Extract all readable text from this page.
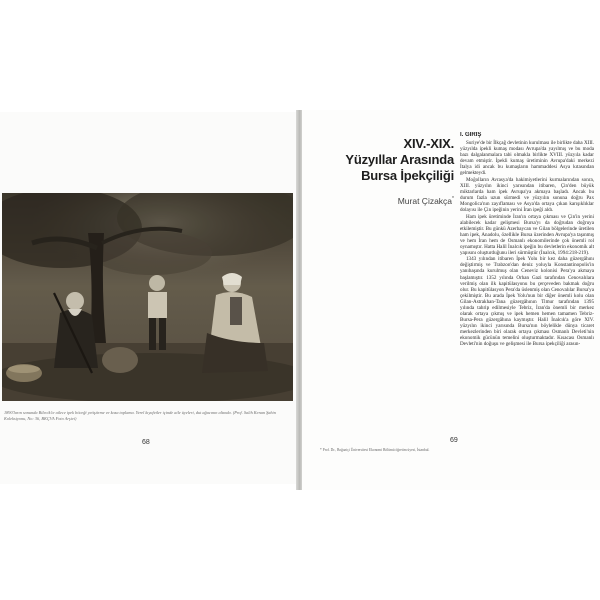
1890'ların sonunda Bilecik'te ailece ipek böceği yetiştirme ve koza toplama. Yerel kıyafetler içinde aile üyeleri, dut ağacının altında. (Prof. Salih Kenan Şahin Koleksiyonu, No: 36, BKÇVA Foto Arşivi)
68
XIV.-XIX.
Yüzyıllar Arasında
Bursa İpekçiliği
Murat Çizakça*
I. GİRİŞ

Suriye'de bir İlkçağ devletinin kurulması ile birlikte daha XIII. yüzyılda ipekli kumaş modası Avrupa'da yayılmış ve bu moda bazı dalgalanmalara tabi olmakla birlikte XVIII. yüzyıla kadar devam etmiştir. İpekli kumaş üretiminin Avrupa'daki merkezi İtalya idi ancak bu kumaşların hammaddesi Asya kıtasından gelmekteydi.

Moğolların Avrasya'da hakimiyetlerini kurmalarından sonra, XIII. yüzyılın ikinci yarısından itibaren, Çin'den büyük miktarlarda ham ipek Avrupa'ya akmaya başladı. Ancak bu durum fazla uzun sürmedi ve yüzyılın sonuna doğru Pax Mongolica'nın zayıflaması ve Asya'da ortaya çıkan karışıklıklar dolayısı ile Çin ipeğinin yerini İran ipeği aldı.

Ham ipek üretiminde İran'ın ortaya çıkması ve Çin'in yerini alabilecek kadar gelişmesi Bursa'yı da doğrudan doğruya etkilemiştir. Bu günkü Azerbaycan ve Gilan bölgelerinde üretilen ham ipek, Anadolu, özellikle Bursa üzerinden Avrupa'ya taşınmış ve hem İran hem de Osmanlı ekonomilerinde çok önemli rol oynamıştır. Hatta Halil İnalcık ipeğin bu devletlerin ekonomik alt yapısını oluşturduğunu ileri sürmüştür (İnalcık, 1994:218-219).

1343 yılından itibaren İpek Yolu bir kez daha güzergâhını değiştirmiş ve Trabzon'dan deniz yoluyla Konstantinopolis'in yanıbaşında kurulmuş olan Ceneviz kolonisi Pera'ya akmaya başlamıştır. 1352 yılında Orhan Gazi tarafından Cenovalılara verilmiş olan ilk kapitülasyonu bu çerçeveden bakmak doğru olur. Bu kapitülasyon Pera'da üslenmiş olan Cenovalılar Bursa'ya çekilmiştir. Bu arada İpek Yolu'nun bir diğer önemli kolu olan Gilan-Astrakhan-Tana güzergâhının Timur tarafından 1395 yılında tahrip edilmesiyle Tebriz, İran'da önemli bir merkez olarak ortaya çıkmış ve ipek hemen hemen tamamen Tebriz-Bursa-Pera güzergâhına kaymıştır. Halil İnalcık'a göre XIV. yüzyılın ikinci yarısında Bursa'nın böylelikle dünya ticaret merkezlerinden biri olarak ortaya çıkması Osmanlı Devleti'nin ekonomik gücünün temelini oluşturmaktadır. Kısacası Osmanlı Devleti'nin doğuşu ve gelişmesi ile Bursa ipekçiliği arasın-

* Prof. Dr., Boğaziçi Üniversitesi Ekonomi Bölümü öğretim üyesi, İstanbul.
69
